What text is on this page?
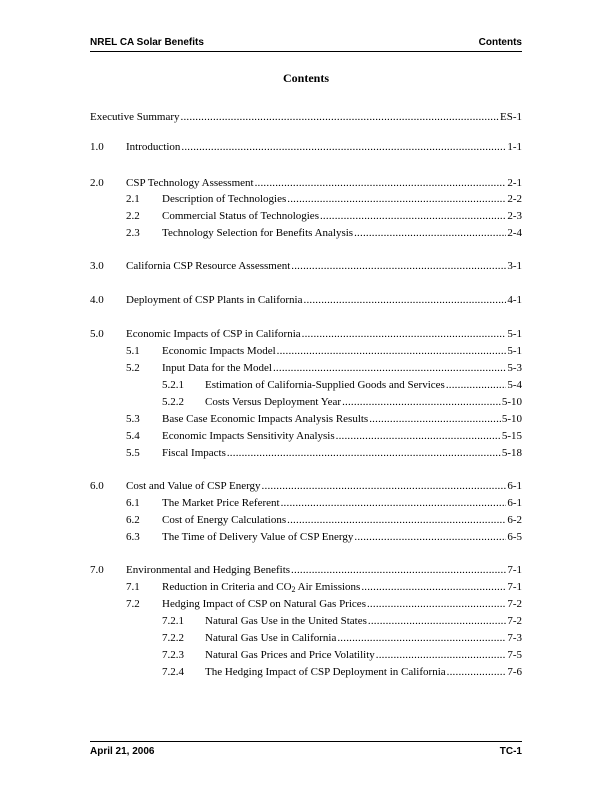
NREL CA Solar Benefits	Contents
Contents
Executive Summary .....	ES-1
1.0 Introduction .....	1-1
2.0 CSP Technology Assessment .....	2-1
2.1 Description of Technologies .....	2-2
2.2 Commercial Status of Technologies .....	2-3
2.3 Technology Selection for Benefits Analysis .....	2-4
3.0 California CSP Resource Assessment .....	3-1
4.0 Deployment of CSP Plants in California .....	4-1
5.0 Economic Impacts of CSP in California .....	5-1
5.1 Economic Impacts Model .....	5-1
5.2 Input Data for the Model .....	5-3
5.2.1 Estimation of California-Supplied Goods and Services .....	5-4
5.2.2 Costs Versus Deployment Year .....	5-10
5.3 Base Case Economic Impacts Analysis Results .....	5-10
5.4 Economic Impacts Sensitivity Analysis .....	5-15
5.5 Fiscal Impacts .....	5-18
6.0 Cost and Value of CSP Energy .....	6-1
6.1 The Market Price Referent .....	6-1
6.2 Cost of Energy Calculations .....	6-2
6.3 The Time of Delivery Value of CSP Energy .....	6-5
7.0 Environmental and Hedging Benefits .....	7-1
7.1 Reduction in Criteria and $CO_2$ Air Emissions .....	7-1
7.2 Hedging Impact of CSP on Natural Gas Prices .....	7-2
7.2.1 Natural Gas Use in the United States .....	7-2
7.2.2 Natural Gas Use in California .....	7-3
7.2.3 Natural Gas Prices and Price Volatility .....	7-5
7.2.4 The Hedging Impact of CSP Deployment in California .....	7-6
April 21, 2006	TC-1
